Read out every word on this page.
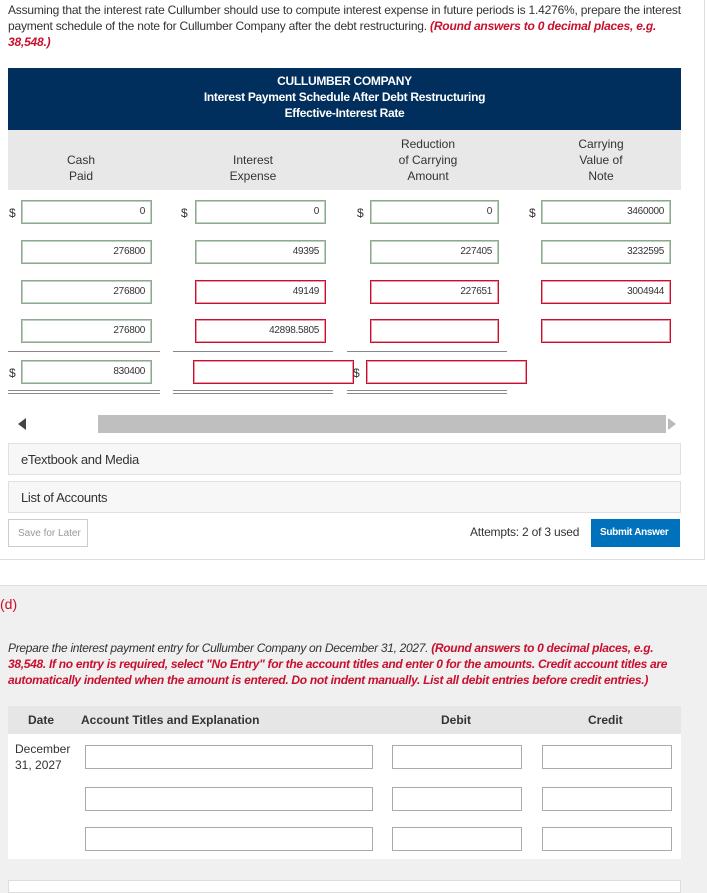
Assuming that the interest rate Cullumber should use to compute interest expense in future periods is 1.4276%, prepare the interest payment schedule of the note for Cullumber Company after the debt restructuring. (Round answers to 0 decimal places, e.g. 38,548.)
CULLUMBER COMPANY
Interest Payment Schedule After Debt Restructuring
Effective-Interest Rate
Cash
Paid
Interest
Expense
Reduction
of Carrying
Amount
Carrying
Value of
Note
$	0	$	0	$	0	$	3460000
276800	49395	227405	3232595
276800	49149	227651	3004944
276800	42898.5805
$	830400	$
eTextbook and Media
List of Accounts
Save for Later	Attempts: 2 of 3 used	Submit Answer
(d)
Prepare the interest payment entry for Cullumber Company on December 31, 2027. (Round answers to 0 decimal places, e.g. 38,548. If no entry is required, select "No Entry" for the account titles and enter 0 for the amounts. Credit account titles are automatically indented when the amount is entered. Do not indent manually. List all debit entries before credit entries.)
Date Account Titles and Explanation	Debit	Credit
December
31, 2027
